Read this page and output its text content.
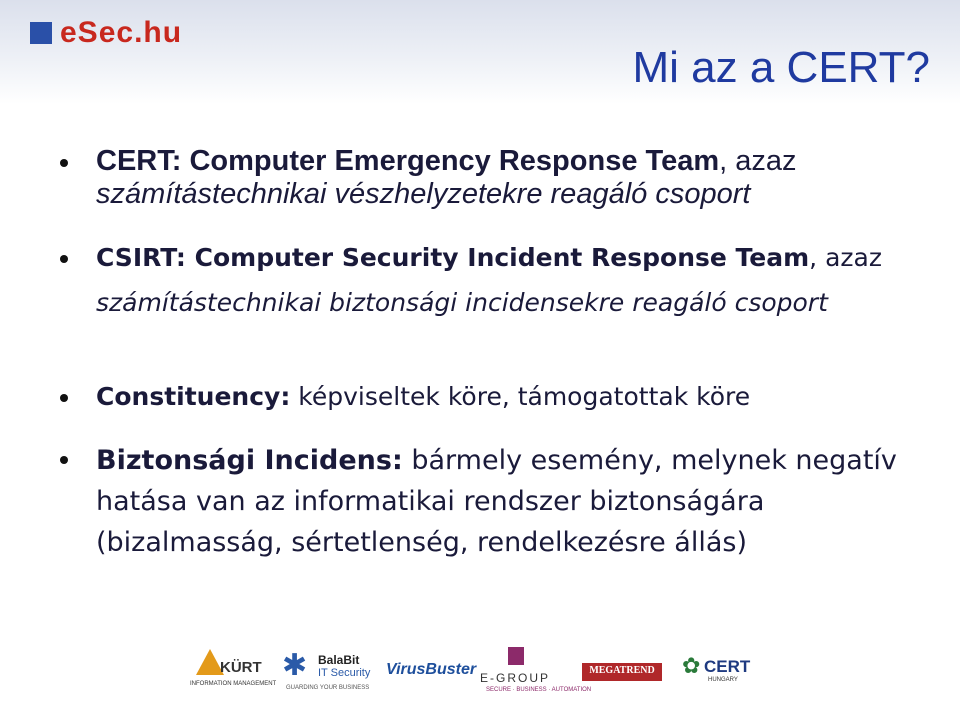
eSec.hu
Mi az a CERT?
CERT: Computer Emergency Response Team, azaz számítástechnikai vészhelyzetekre reagáló csoport
CSIRT: Computer Security Incident Response Team, azaz számítástechnikai biztonsági incidensekre reagáló csoport
Constituency: képviseltek köre, támogatottak köre
Biztonsági Incidens: bármely esemény, melynek negatív hatása van az informatikai rendszer biztonságára (bizalmasság, sértetlenség, rendelkezésre állás)
KÜRT
INFORMATION MANAGEMENT
✱ BalaBit
IT Security
GUARDING YOUR BUSINESS
VirusBuster E-GROUP
SECURE · BUSINESS · AUTOMATION
MEGATREND	✿ CERT
HUNGARY
